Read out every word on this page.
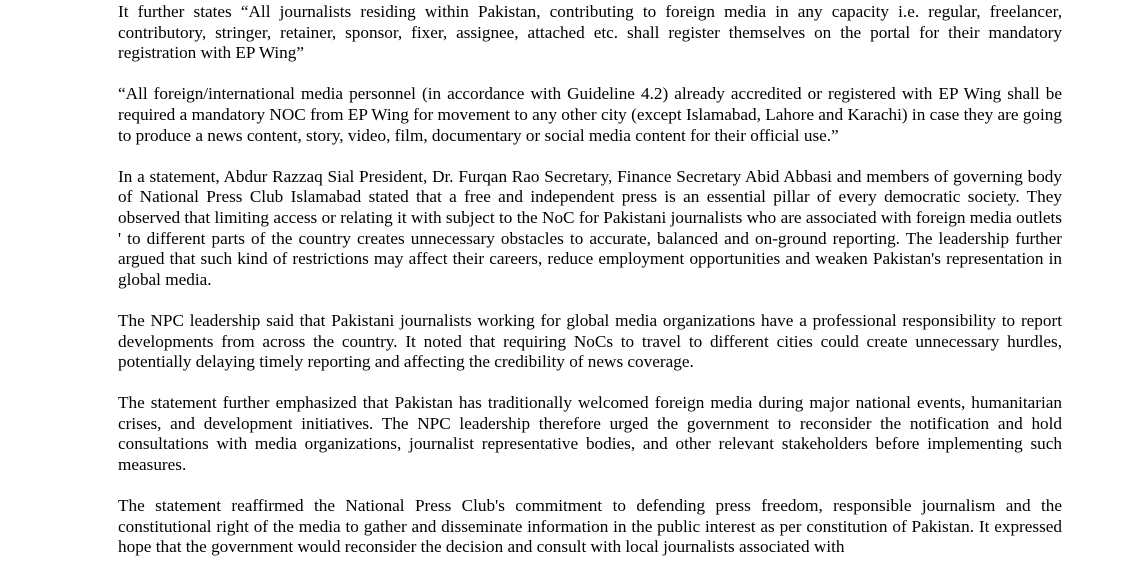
It further states “All journalists residing within Pakistan, contributing to foreign media in any capacity i.e. regular, freelancer, contributory, stringer, retainer, sponsor, fixer, assignee, attached etc. shall register themselves on the portal for their mandatory registration with EP Wing”

“All foreign/international media personnel (in accordance with Guideline 4.2) already accredited or registered with EP Wing shall be required a mandatory NOC from EP Wing for movement to any other city (except Islamabad, Lahore and Karachi) in case they are going to produce a news content, story, video, film, documentary or social media content for their official use.”

In a statement, Abdur Razzaq Sial President, Dr. Furqan Rao Secretary, Finance Secretary Abid Abbasi and members of governing body of National Press Club Islamabad stated that a free and independent press is an essential pillar of every democratic society. They observed that limiting access or relating it with subject to the NoC for Pakistani journalists who are associated with foreign media outlets ' to different parts of the country creates unnecessary obstacles to accurate, balanced and on-ground reporting. The leadership further argued that such kind of restrictions may affect their careers, reduce employment opportunities and weaken Pakistan's representation in global media.

The NPC leadership said that Pakistani journalists working for global media organizations have a professional responsibility to report developments from across the country. It noted that requiring NoCs to travel to different cities could create unnecessary hurdles, potentially delaying timely reporting and affecting the credibility of news coverage.

The statement further emphasized that Pakistan has traditionally welcomed foreign media during major national events, humanitarian crises, and development initiatives. The NPC leadership therefore urged the government to reconsider the notification and hold consultations with media organizations, journalist representative bodies, and other relevant stakeholders before implementing such measures.

The statement reaffirmed the National Press Club's commitment to defending press freedom, responsible journalism and the constitutional right of the media to gather and disseminate information in the public interest as per constitution of Pakistan. It expressed hope that the government would reconsider the decision and consult with local journalists associated with
